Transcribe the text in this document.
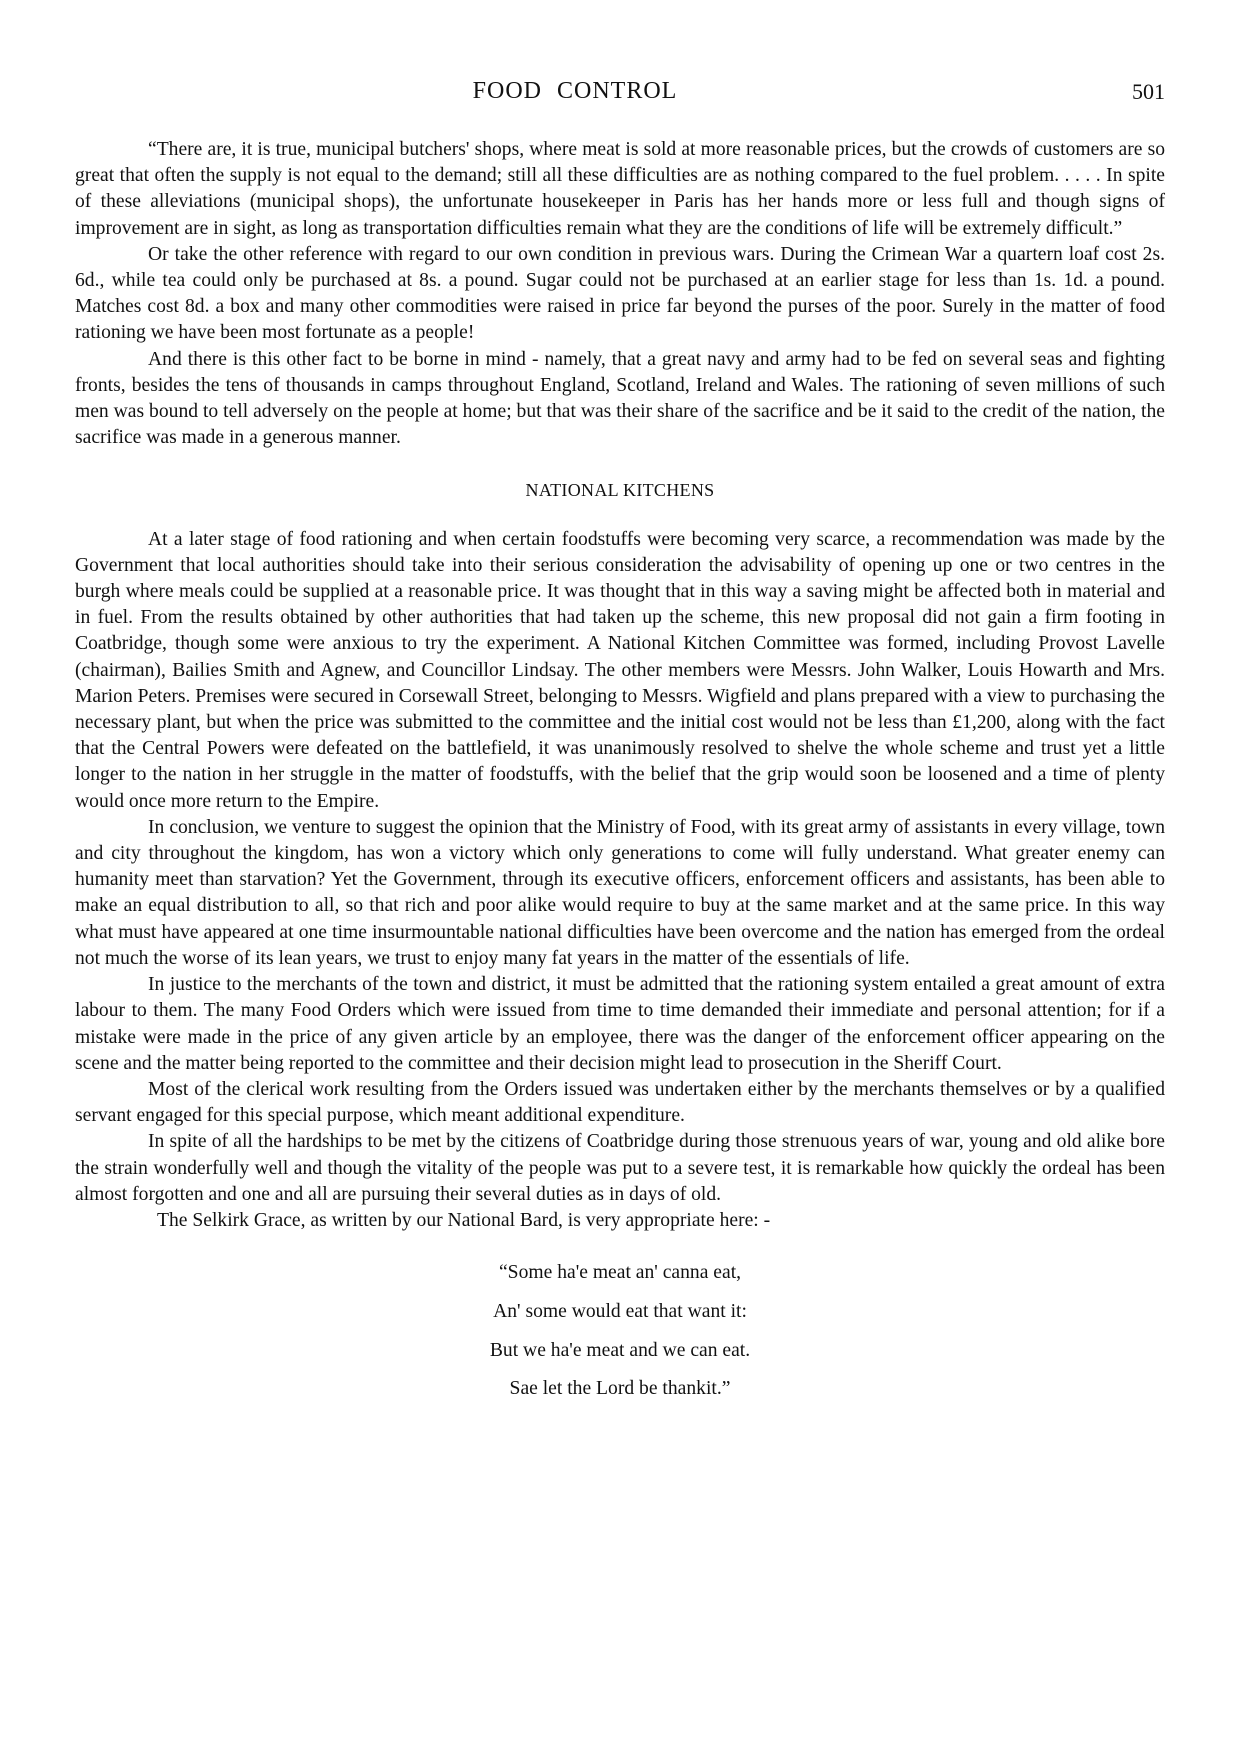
FOOD CONTROL	501

“There are, it is true, municipal butchers' shops, where meat is sold at more reasonable prices, but the crowds of customers are so great that often the supply is not equal to the demand; still all these difficulties are as nothing compared to the fuel problem. . . . . In spite of these alleviations (municipal shops), the unfortunate housekeeper in Paris has her hands more or less full and though signs of improvement are in sight, as long as transportation difficulties remain what they are the conditions of life will be extremely difficult.”

Or take the other reference with regard to our own condition in previous wars. During the Crimean War a quartern loaf cost 2s. 6d., while tea could only be purchased at 8s. a pound. Sugar could not be purchased at an earlier stage for less than 1s. 1d. a pound. Matches cost 8d. a box and many other commodities were raised in price far beyond the purses of the poor. Surely in the matter of food rationing we have been most fortunate as a people!

And there is this other fact to be borne in mind - namely, that a great navy and army had to be fed on several seas and fighting fronts, besides the tens of thousands in camps throughout England, Scotland, Ireland and Wales. The rationing of seven millions of such men was bound to tell adversely on the people at home; but that was their share of the sacrifice and be it said to the credit of the nation, the sacrifice was made in a generous manner.

NATIONAL KITCHENS

At a later stage of food rationing and when certain foodstuffs were becoming very scarce, a recommendation was made by the Government that local authorities should take into their serious consideration the advisability of opening up one or two centres in the burgh where meals could be supplied at a reasonable price. It was thought that in this way a saving might be affected both in material and in fuel. From the results obtained by other authorities that had taken up the scheme, this new proposal did not gain a firm footing in Coatbridge, though some were anxious to try the experiment. A National Kitchen Committee was formed, including Provost Lavelle (chairman), Bailies Smith and Agnew, and Councillor Lindsay. The other members were Messrs. John Walker, Louis Howarth and Mrs. Marion Peters. Premises were secured in Corsewall Street, belonging to Messrs. Wigfield and plans prepared with a view to purchasing the necessary plant, but when the price was submitted to the committee and the initial cost would not be less than £1,200, along with the fact that the Central Powers were defeated on the battlefield, it was unanimously resolved to shelve the whole scheme and trust yet a little longer to the nation in her struggle in the matter of foodstuffs, with the belief that the grip would soon be loosened and a time of plenty would once more return to the Empire.

In conclusion, we venture to suggest the opinion that the Ministry of Food, with its great army of assistants in every village, town and city throughout the kingdom, has won a victory which only generations to come will fully understand. What greater enemy can humanity meet than starvation? Yet the Government, through its executive officers, enforcement officers and assistants, has been able to make an equal distribution to all, so that rich and poor alike would require to buy at the same market and at the same price. In this way what must have appeared at one time insurmountable national difficulties have been overcome and the nation has emerged from the ordeal not much the worse of its lean years, we trust to enjoy many fat years in the matter of the essentials of life.

In justice to the merchants of the town and district, it must be admitted that the rationing system entailed a great amount of extra labour to them. The many Food Orders which were issued from time to time demanded their immediate and personal attention; for if a mistake were made in the price of any given article by an employee, there was the danger of the enforcement officer appearing on the scene and the matter being reported to the committee and their decision might lead to prosecution in the Sheriff Court.

Most of the clerical work resulting from the Orders issued was undertaken either by the merchants themselves or by a qualified servant engaged for this special purpose, which meant additional expenditure.

In spite of all the hardships to be met by the citizens of Coatbridge during those strenuous years of war, young and old alike bore the strain wonderfully well and though the vitality of the people was put to a severe test, it is remarkable how quickly the ordeal has been almost forgotten and one and all are pursuing their several duties as in days of old.

The Selkirk Grace, as written by our National Bard, is very appropriate here: -

“Some ha'e meat an' canna eat,
An' some would eat that want it:
But we ha'e meat and we can eat.
Sae let the Lord be thankit.”
